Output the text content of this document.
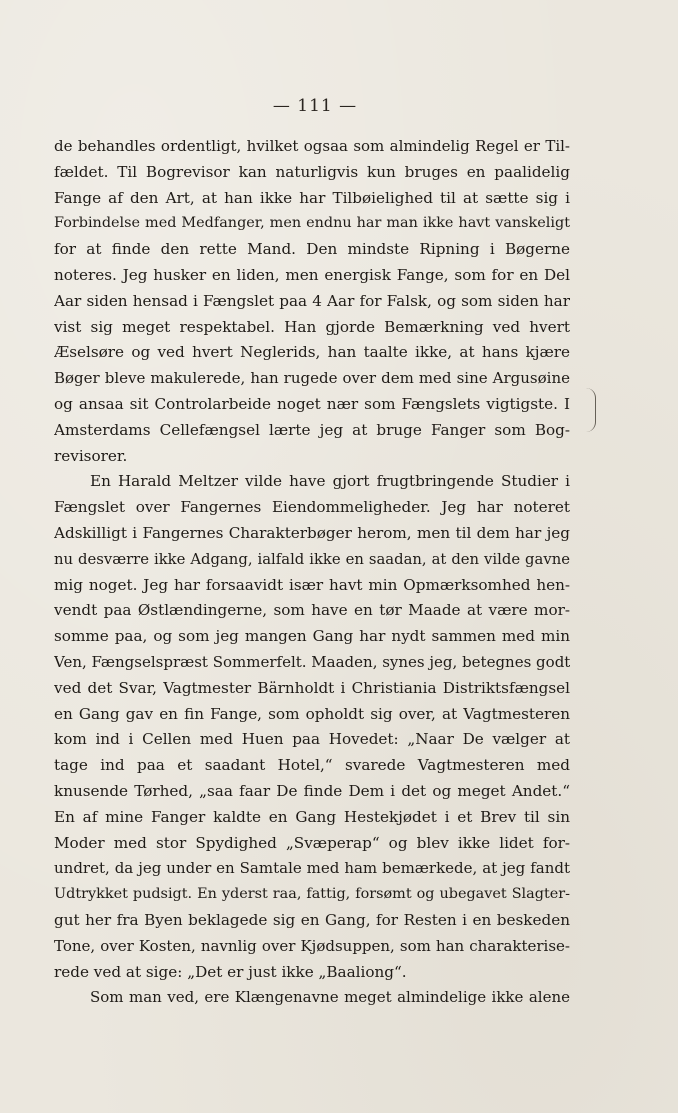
— 111 —
de behandles ordentligt, hvilket ogsaa som almindelig Regel er Til-
fældet. Til Bogrevisor kan naturligvis kun bruges en paalidelig
Fange af den Art, at han ikke har Tilbøielighed til at sætte sig i
Forbindelse med Medfanger, men endnu har man ikke havt vanskeligt
for at finde den rette Mand. Den mindste Ripning i Bøgerne
noteres. Jeg husker en liden, men energisk Fange, som for en Del
Aar siden hensad i Fængslet paa 4 Aar for Falsk, og som siden har
vist sig meget respektabel. Han gjorde Bemærkning ved hvert
Æselsøre og ved hvert Neglerids, han taalte ikke, at hans kjære
Bøger bleve makulerede, han rugede over dem med sine Argusøine
og ansaa sit Controlarbeide noget nær som Fængslets vigtigste. I
Amsterdams Cellefængsel lærte jeg at bruge Fanger som Bog-
revisorer.
En Harald Meltzer vilde have gjort frugtbringende Studier i
Fængslet over Fangernes Eiendommeligheder. Jeg har noteret
Adskilligt i Fangernes Charakterbøger herom, men til dem har jeg
nu desværre ikke Adgang, ialfald ikke en saadan, at den vilde gavne
mig noget. Jeg har forsaavidt især havt min Opmærksomhed hen-
vendt paa Østlændingerne, som have en tør Maade at være mor-
somme paa, og som jeg mangen Gang har nydt sammen med min
Ven, Fængselspræst Sommerfelt. Maaden, synes jeg, betegnes godt
ved det Svar, Vagtmester Bärnholdt i Christiania Distriktsfængsel
en Gang gav en fin Fange, som opholdt sig over, at Vagtmesteren
kom ind i Cellen med Huen paa Hovedet: „Naar De vælger at
tage ind paa et saadant Hotel,“ svarede Vagtmesteren med
knusende Tørhed, „saa faar De finde Dem i det og meget Andet.“
En af mine Fanger kaldte en Gang Hestekjødet i et Brev til sin
Moder med stor Spydighed „Svæperap“ og blev ikke lidet for-
undret, da jeg under en Samtale med ham bemærkede, at jeg fandt
Udtrykket pudsigt. En yderst raa, fattig, forsømt og ubegavet Slagter-
gut her fra Byen beklagede sig en Gang, for Resten i en beskeden
Tone, over Kosten, navnlig over Kjødsuppen, som han charakterise-
rede ved at sige: „Det er just ikke „Baaliong“.
Som man ved, ere Klængenavne meget almindelige ikke alene
